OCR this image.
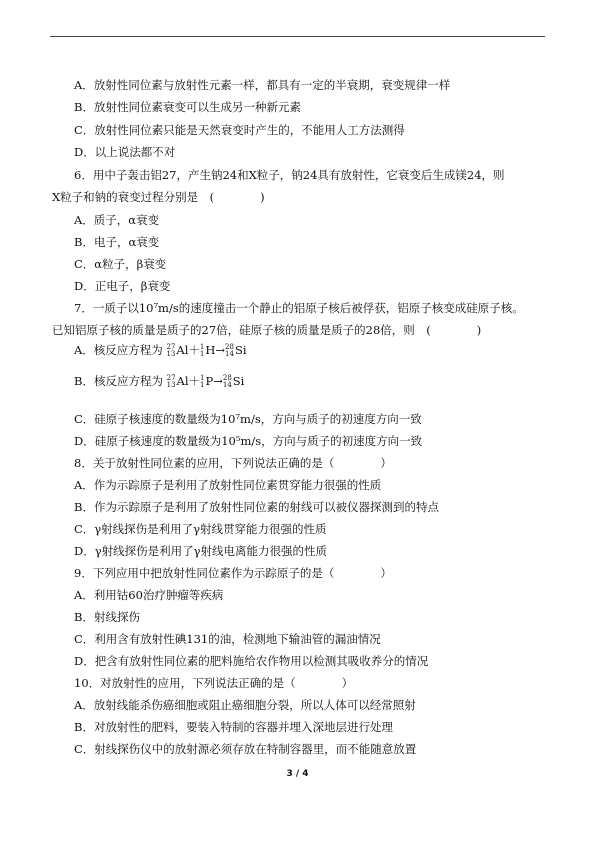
A．放射性同位素与放射性元素一样，都具有一定的半衰期，衰变规律一样
B．放射性同位素衰变可以生成另一种新元素
C．放射性同位素只能是天然衰变时产生的，不能用人工方法测得
D．以上说法都不对
6．用中子轰击铝27，产生钠24和X粒子，钠24具有放射性，它衰变后生成镁24，则
X粒子和钠的衰变过程分别是　(　　　　)
A．质子，α衰变
B．电子，α衰变
C．α粒子，β衰变
D．正电子，β衰变
7．一质子以10⁷m/s的速度撞击一个静止的铝原子核后被俘获，铝原子核变成硅原子核。
已知铝原子核的质量是质子的27倍，硅原子核的质量是质子的28倍，则　(　　　　)
A．核反应方程为 27
13 Al＋ 1
1 H→ 28
14 Si
B．核反应方程为 27
13 Al＋ 1
1 P→ 28
14 Si
C．硅原子核速度的数量级为10⁷m/s，方向与质子的初速度方向一致
D．硅原子核速度的数量级为10⁵m/s，方向与质子的初速度方向一致
8．关于放射性同位素的应用，下列说法正确的是（　　　　）
A．作为示踪原子是利用了放射性同位素贯穿能力很强的性质
B．作为示踪原子是利用了放射性同位素的射线可以被仪器探测到的特点
C．γ射线探伤是利用了γ射线贯穿能力很强的性质
D．γ射线探伤是利用了γ射线电离能力很强的性质
9．下列应用中把放射性同位素作为示踪原子的是（　　　　）
A．利用钴60治疗肿瘤等疾病
B．射线探伤
C．利用含有放射性碘131的油，检测地下输油管的漏油情况
D．把含有放射性同位素的肥料施给农作物用以检测其吸收养分的情况
10．对放射性的应用，下列说法正确的是（　　　　）
A．放射线能杀伤癌细胞或阻止癌细胞分裂，所以人体可以经常照射
B．对放射性的肥料，要装入特制的容器并埋入深地层进行处理
C．射线探伤仪中的放射源必须存放在特制容器里，而不能随意放置
3 / 4
